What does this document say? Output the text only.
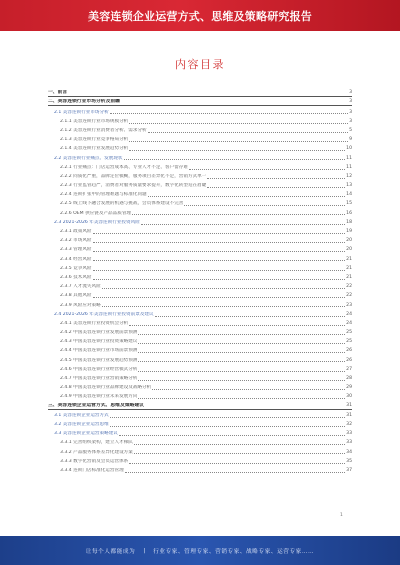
美容连锁企业运营方式、思维及策略研究报告
内容目录
一、前言	3
二、美容连锁行业市场分析及前瞻	3
2.1 美容连锁行业市场分析	3
2.1.1 美容连锁行业市场规模分析	3
2.1.2 美容连锁行业消费者分析、需求分析	5
2.1.3 美容连锁行业竞争格局分析	9
2.1.4 美容连锁行业发展趋势分析	10
2.2 美容连锁行业痛点、发展现状	11
2.2.1 行业痛点：门店运营成本高、专业人才不足、客户留存难	11
2.2.2 同质化严重，品牌定位模糊，服务项目差异化不足，营销方式单一	12
2.2.3 行业监管趋严，消费者对服务质量要求提升，数字化转型迫在眉睫	13
2.2.4 连锁扩张中的管理难题与标准化问题	14
2.2.5 线上线下融合发展的机遇与挑战，会员体系建设不完善	15
2.2.6 OEM 供应链及产品品质管理	16
2.3 2021-2026 年美容连锁行业投资风险	18
2.3.1 政策风险	19
2.3.2 市场风险	20
2.3.3 管理风险	20
2.3.4 经营风险	21
2.3.5 竞争风险	21
2.3.6 技术风险	21
2.3.7 人才流失风险	22
2.3.8 其他风险	22
2.3.9 风险应对策略	23
2.4 2021-2026 年美容连锁行业投资前景及建议	24
2.4.1 美容连锁行业投资机会分析	24
2.4.2 中国美容连锁行业发展前景预测	25
2.4.3 中国美容连锁行业投资策略建议	25
2.4.4 中国美容连锁行业市场前景预测	26
2.4.5 中国美容连锁行业发展趋势预测	26
2.4.6 中国美容连锁行业经营模式分析	27
2.4.7 中国美容连锁行业营销策略分析	28
2.4.8 中国美容连锁行业品牌建设及战略分析	29
2.4.9 中国美容连锁行业未来发展方向	30
三、美容连锁企业运营方式、思维及策略建议	31
3.1 美容连锁企业运营方式	31
3.2 美容连锁企业运营思维	32
3.3 美容连锁企业运营策略建议	33
3.3.1 完善组织架构，建立人才梯队	33
3.3.2 产品服务体系差异化建设方案	34
3.3.3 数字化营销及会员运营体系	35
3.3.4 连锁门店标准化运营管理	37
1
让每个人都能成为 | 行业专家、管理专家、营销专家、战略专家、运营专家……
